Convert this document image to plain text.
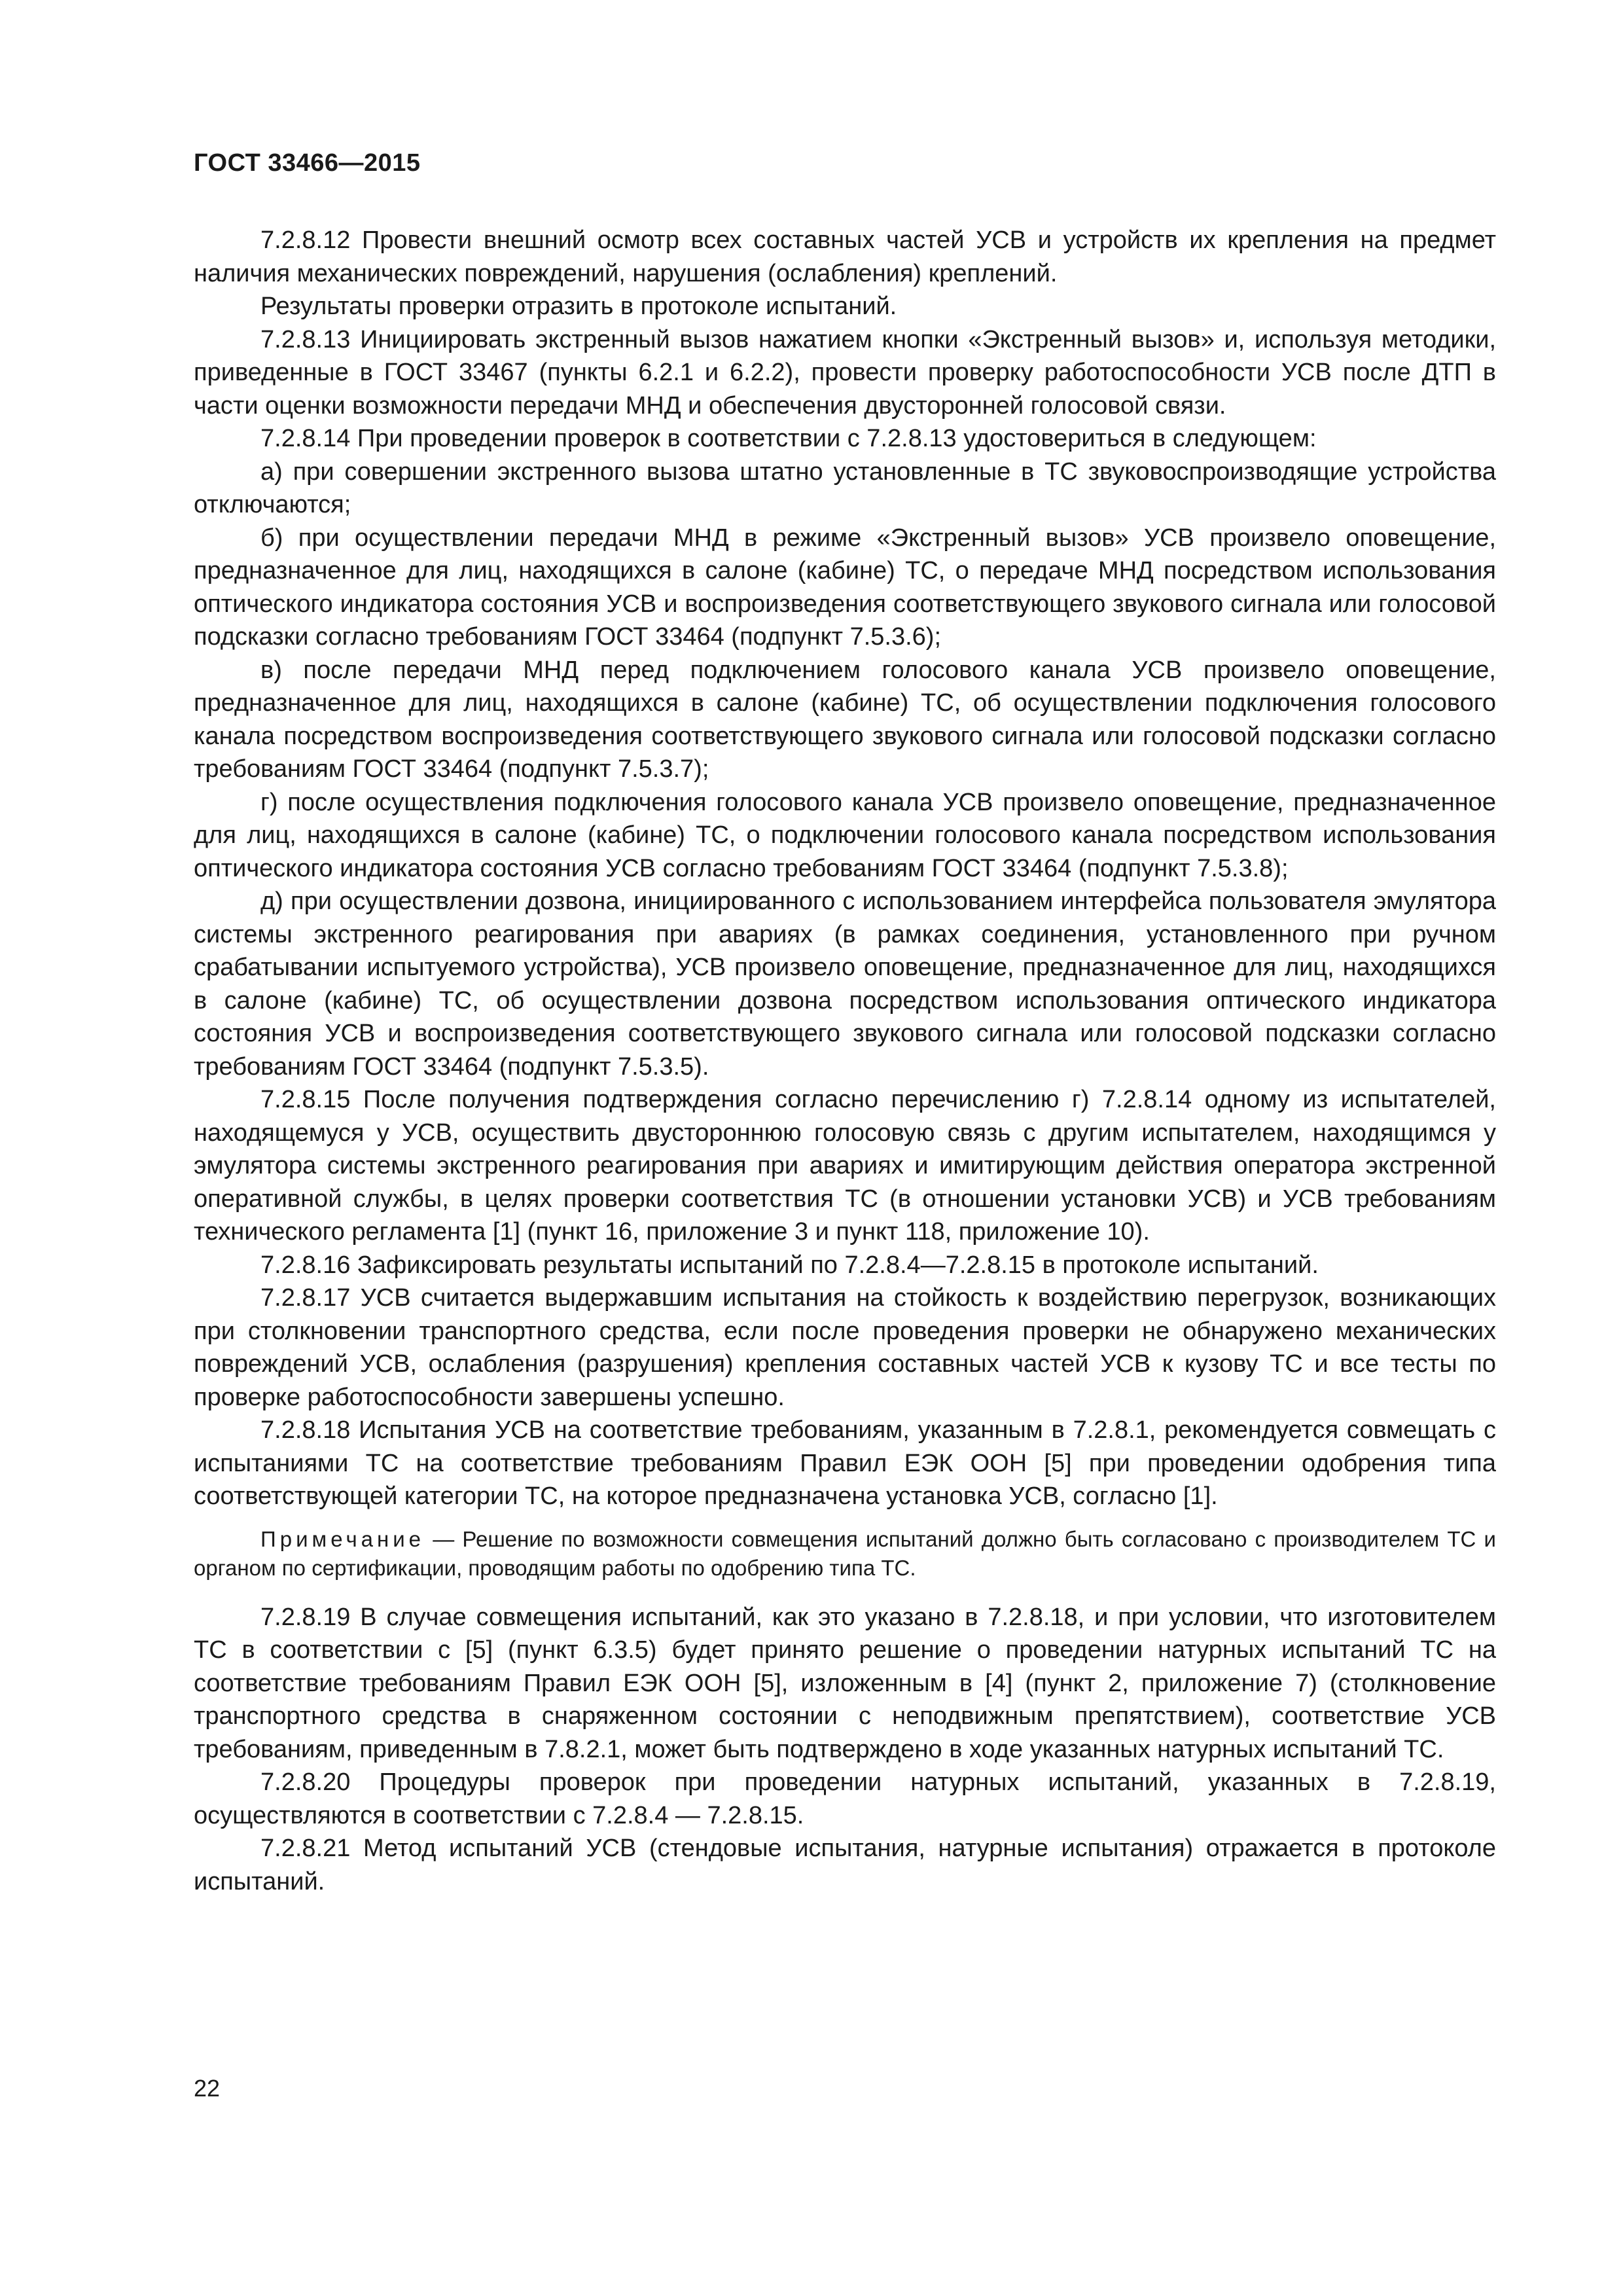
ГОСТ 33466—2015

7.2.8.12 Провести внешний осмотр всех составных частей УСВ и устройств их крепления на предмет наличия механических повреждений, нарушения (ослабления) креплений.

Результаты проверки отразить в протоколе испытаний.

7.2.8.13 Инициировать экстренный вызов нажатием кнопки «Экстренный вызов» и, используя методики, приведенные в ГОСТ 33467 (пункты 6.2.1 и 6.2.2), провести проверку работоспособности УСВ после ДТП в части оценки возможности передачи МНД и обеспечения двусторонней голосовой связи.

7.2.8.14 При проведении проверок в соответствии с 7.2.8.13 удостовериться в следующем:

а) при совершении экстренного вызова штатно установленные в ТС звуковоспроизводящие устройства отключаются;

б) при осуществлении передачи МНД в режиме «Экстренный вызов» УСВ произвело оповещение, предназначенное для лиц, находящихся в салоне (кабине) ТС, о передаче МНД посредством использования оптического индикатора состояния УСВ и воспроизведения соответствующего звукового сигнала или голосовой подсказки согласно требованиям ГОСТ 33464 (подпункт 7.5.3.6);

в) после передачи МНД перед подключением голосового канала УСВ произвело оповещение, предназначенное для лиц, находящихся в салоне (кабине) ТС, об осуществлении подключения голосового канала посредством воспроизведения соответствующего звукового сигнала или голосовой подсказки согласно требованиям ГОСТ 33464 (подпункт 7.5.3.7);

г) после осуществления подключения голосового канала УСВ произвело оповещение, предназначенное для лиц, находящихся в салоне (кабине) ТС, о подключении голосового канала посредством использования оптического индикатора состояния УСВ согласно требованиям ГОСТ 33464 (подпункт 7.5.3.8);

д) при осуществлении дозвона, инициированного с использованием интерфейса пользователя эмулятора системы экстренного реагирования при авариях (в рамках соединения, установленного при ручном срабатывании испытуемого устройства), УСВ произвело оповещение, предназначенное для лиц, находящихся в салоне (кабине) ТС, об осуществлении дозвона посредством использования оптического индикатора состояния УСВ и воспроизведения соответствующего звукового сигнала или голосовой подсказки согласно требованиям ГОСТ 33464 (подпункт 7.5.3.5).

7.2.8.15 После получения подтверждения согласно перечислению г) 7.2.8.14 одному из испытателей, находящемуся у УСВ, осуществить двустороннюю голосовую связь с другим испытателем, находящимся у эмулятора системы экстренного реагирования при авариях и имитирующим действия оператора экстренной оперативной службы, в целях проверки соответствия ТС (в отношении установки УСВ) и УСВ требованиям технического регламента [1] (пункт 16, приложение 3 и пункт 118, приложение 10).

7.2.8.16 Зафиксировать результаты испытаний по 7.2.8.4—7.2.8.15 в протоколе испытаний.

7.2.8.17 УСВ считается выдержавшим испытания на стойкость к воздействию перегрузок, возникающих при столкновении транспортного средства, если после проведения проверки не обнаружено механических повреждений УСВ, ослабления (разрушения) крепления составных частей УСВ к кузову ТС и все тесты по проверке работоспособности завершены успешно.

7.2.8.18 Испытания УСВ на соответствие требованиям, указанным в 7.2.8.1, рекомендуется совмещать с испытаниями ТС на соответствие требованиям Правил ЕЭК ООН [5] при проведении одобрения типа соответствующей категории ТС, на которое предназначена установка УСВ, согласно [1].

Примечание — Решение по возможности совмещения испытаний должно быть согласовано с производителем ТС и органом по сертификации, проводящим работы по одобрению типа ТС.

7.2.8.19 В случае совмещения испытаний, как это указано в 7.2.8.18, и при условии, что изготовителем ТС в соответствии с [5] (пункт 6.3.5) будет принято решение о проведении натурных испытаний ТС на соответствие требованиям Правил ЕЭК ООН [5], изложенным в [4] (пункт 2, приложение 7) (столкновение транспортного средства в снаряженном состоянии с неподвижным препятствием), соответствие УСВ требованиям, приведенным в 7.8.2.1, может быть подтверждено в ходе указанных натурных испытаний ТС.

7.2.8.20 Процедуры проверок при проведении натурных испытаний, указанных в 7.2.8.19, осуществляются в соответствии с 7.2.8.4 — 7.2.8.15.

7.2.8.21 Метод испытаний УСВ (стендовые испытания, натурные испытания) отражается в протоколе испытаний.

22
